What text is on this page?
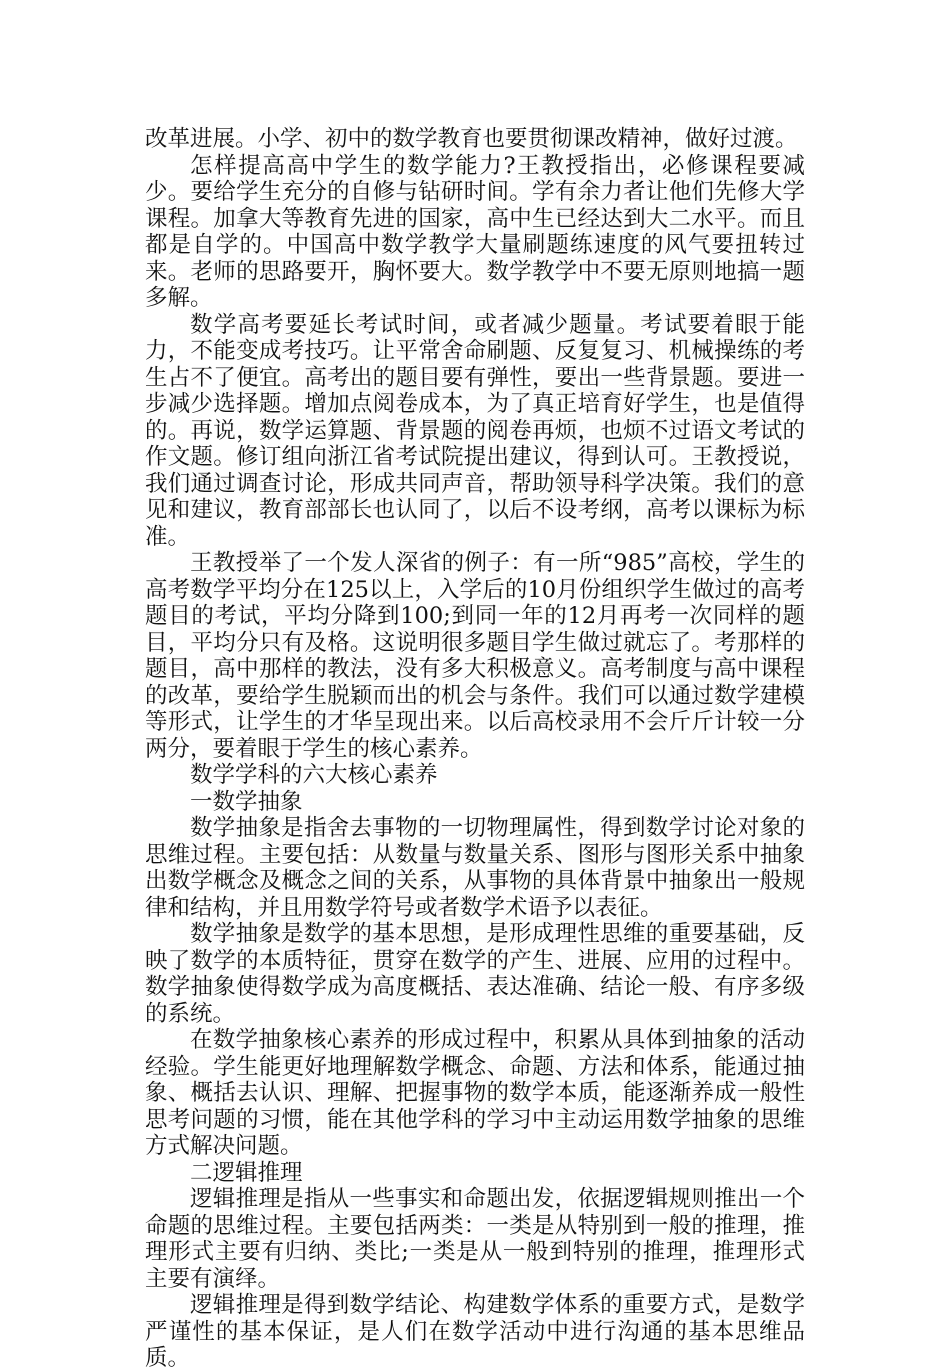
改革进展。小学、初中的数学教育也要贯彻课改精神，做好过渡。

怎样提高高中学生的数学能力?王教授指出，必修课程要减少。要给学生充分的自修与钻研时间。学有余力者让他们先修大学课程。加拿大等教育先进的国家，高中生已经达到大二水平。而且都是自学的。中国高中数学教学大量刷题练速度的风气要扭转过来。老师的思路要开，胸怀要大。数学教学中不要无原则地搞一题多解。

数学高考要延长考试时间，或者减少题量。考试要着眼于能力，不能变成考技巧。让平常舍命刷题、反复复习、机械操练的考生占不了便宜。高考出的题目要有弹性，要出一些背景题。要进一步减少选择题。增加点阅卷成本，为了真正培育好学生，也是值得的。再说，数学运算题、背景题的阅卷再烦，也烦不过语文考试的作文题。修订组向浙江省考试院提出建议，得到认可。王教授说，我们通过调查讨论，形成共同声音，帮助领导科学决策。我们的意见和建议，教育部部长也认同了，以后不设考纲，高考以课标为标准。

王教授举了一个发人深省的例子：有一所“985”高校，学生的高考数学平均分在125以上，入学后的10月份组织学生做过的高考题目的考试，平均分降到100;到同一年的12月再考一次同样的题目，平均分只有及格。这说明很多题目学生做过就忘了。考那样的题目，高中那样的教法，没有多大积极意义。高考制度与高中课程的改革，要给学生脱颖而出的机会与条件。我们可以通过数学建模等形式，让学生的才华呈现出来。以后高校录用不会斤斤计较一分两分，要着眼于学生的核心素养。

数学学科的六大核心素养

一数学抽象

数学抽象是指舍去事物的一切物理属性，得到数学讨论对象的思维过程。主要包括：从数量与数量关系、图形与图形关系中抽象出数学概念及概念之间的关系，从事物的具体背景中抽象出一般规律和结构，并且用数学符号或者数学术语予以表征。

数学抽象是数学的基本思想，是形成理性思维的重要基础，反映了数学的本质特征，贯穿在数学的产生、进展、应用的过程中。数学抽象使得数学成为高度概括、表达准确、结论一般、有序多级的系统。

在数学抽象核心素养的形成过程中，积累从具体到抽象的活动经验。学生能更好地理解数学概念、命题、方法和体系，能通过抽象、概括去认识、理解、把握事物的数学本质，能逐渐养成一般性思考问题的习惯，能在其他学科的学习中主动运用数学抽象的思维方式解决问题。

二逻辑推理

逻辑推理是指从一些事实和命题出发，依据逻辑规则推出一个命题的思维过程。主要包括两类：一类是从特别到一般的推理，推理形式主要有归纳、类比;一类是从一般到特别的推理，推理形式主要有演绎。

逻辑推理是得到数学结论、构建数学体系的重要方式，是数学严谨性的基本保证，是人们在数学活动中进行沟通的基本思维品质。
